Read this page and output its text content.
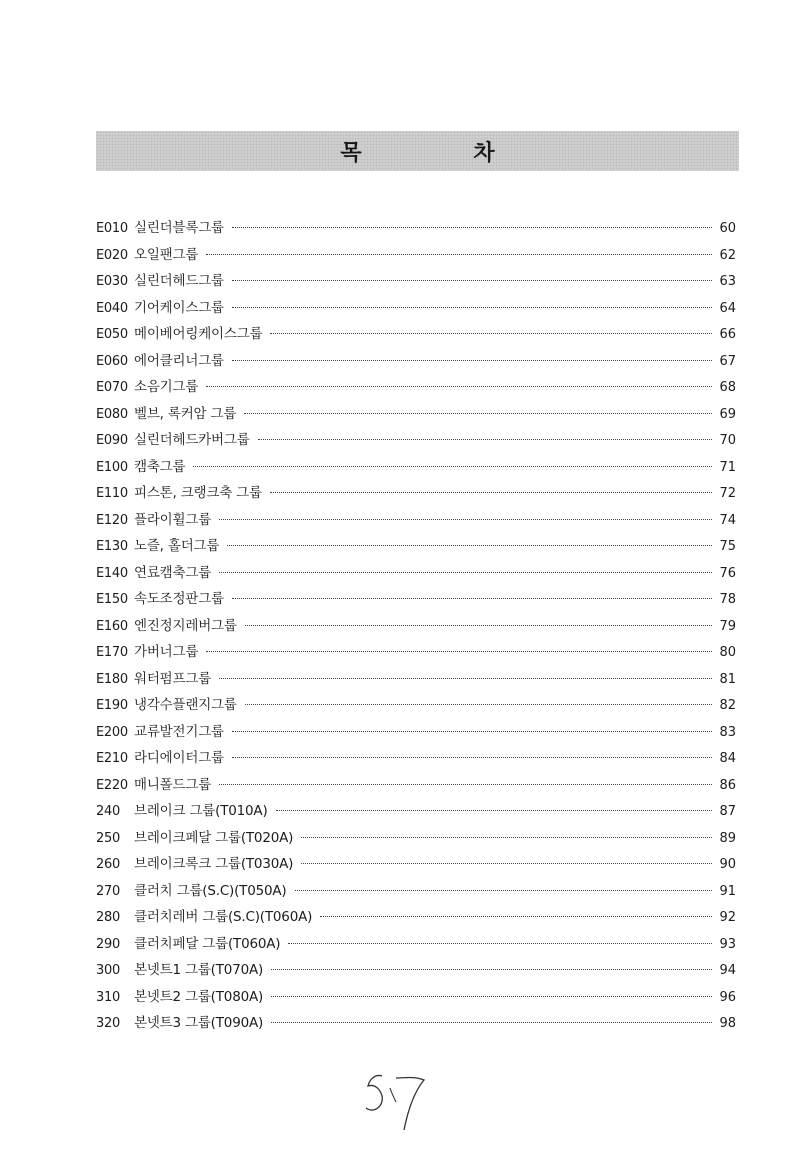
목 차
E010 실린더블록그룹	60
E020 오일팬그룹	62
E030 실린더헤드그룹	63
E040 기어케이스그룹	64
E050 메이베어링케이스그룹	66
E060 에어클리너그룹	67
E070 소음기그룹	68
E080 벨브, 록커암 그룹	69
E090 실린더헤드카버그룹	70
E100 캠축그룹	71
E110 피스톤, 크랭크축 그룹	72
E120 플라이휠그룹	74
E130 노즐, 홀더그룹	75
E140 연료캠축그룹	76
E150 속도조정판그룹	78
E160 엔진정지레버그룹	79
E170 가버너그룹	80
E180 워터펌프그룹	81
E190 냉각수플랜지그룹	82
E200 교류발전기그룹	83
E210 라디에이터그룹	84
E220 매니폴드그룹	86
240	브레이크 그룹(T010A)	87
250	브레이크페달 그룹(T020A)	89
260	브레이크록크 그룹(T030A)	90
270	클러치 그룹(S.C)(T050A)	91
280	클러치레버 그룹(S.C)(T060A)	92
290	클러치페달 그룹(T060A)	93
300	본넷트1 그룹(T070A)	94
310	본넷트2 그룹(T080A)	96
320	본넷트3 그룹(T090A)	98
